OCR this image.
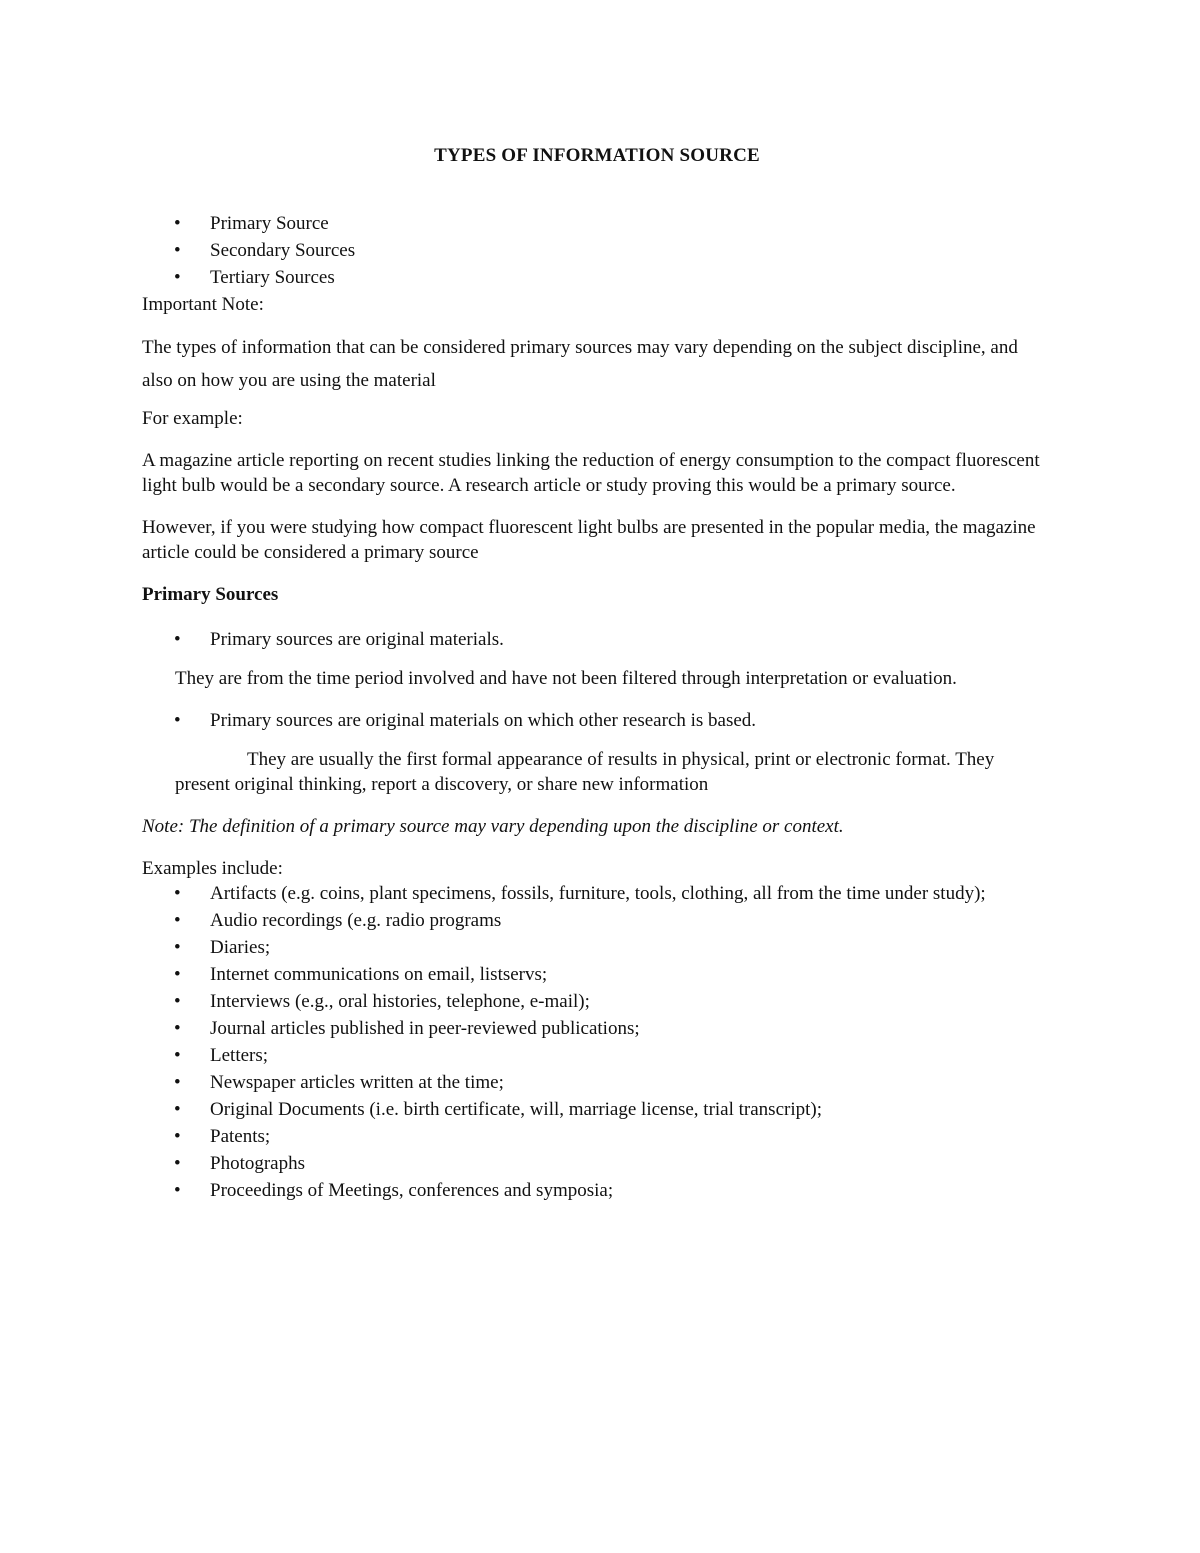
TYPES OF INFORMATION SOURCE
• Primary Source
• Secondary Sources
• Tertiary Sources

Important Note:

The types of information that can be considered primary sources may vary depending on the subject discipline, and also on how you are using the material

For example:

A magazine article reporting on recent studies linking the reduction of energy consumption to the compact fluorescent light bulb would be a secondary source. A research article or study proving this would be a primary source.

However, if you were studying how compact fluorescent light bulbs are presented in the popular media, the magazine article could be considered a primary source

Primary Sources

• Primary sources are original materials.

They are from the time period involved and have not been filtered through interpretation or evaluation.

• Primary sources are original materials on which other research is based.

They are usually the first formal appearance of results in physical, print or electronic format. They present original thinking, report a discovery, or share new information

Note: The definition of a primary source may vary depending upon the discipline or context.

Examples include:

• Artifacts (e.g. coins, plant specimens, fossils, furniture, tools, clothing, all from the time under study);
• Audio recordings (e.g. radio programs
• Diaries;
• Internet communications on email, listservs;
• Interviews (e.g., oral histories, telephone, e-mail);
• Journal articles published in peer-reviewed publications;
• Letters;
• Newspaper articles written at the time;
• Original Documents (i.e. birth certificate, will, marriage license, trial transcript);
• Patents;
• Photographs
• Proceedings of Meetings, conferences and symposia;
